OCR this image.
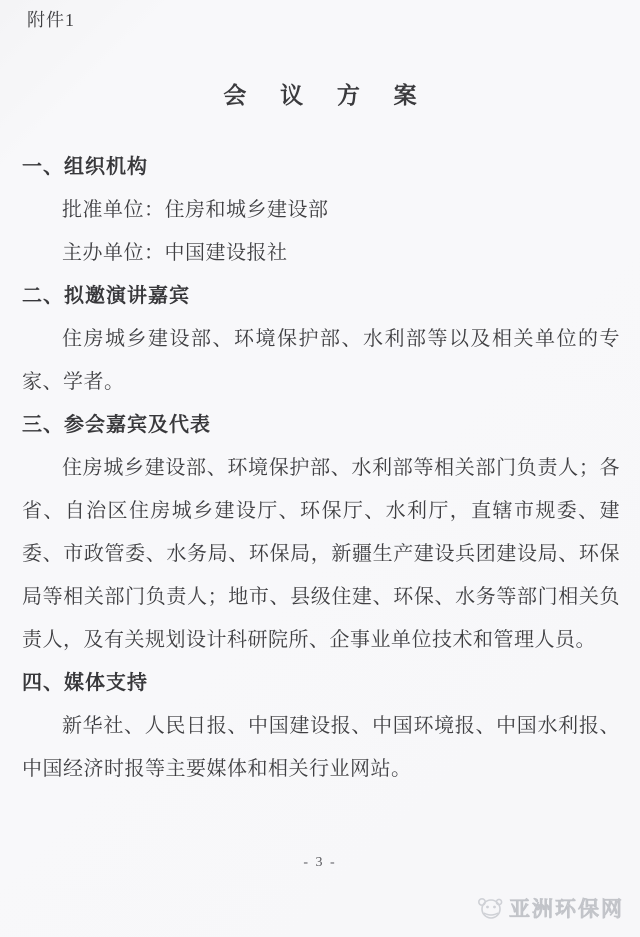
附件1
会 议 方 案
一、组织机构

批准单位：住房和城乡建设部

主办单位：中国建设报社

二、拟邀演讲嘉宾

住房城乡建设部、环境保护部、水利部等以及相关单位的专家、学者。

三、参会嘉宾及代表

住房城乡建设部、环境保护部、水利部等相关部门负责人；各省、自治区住房城乡建设厅、环保厅、水利厅，直辖市规委、建委、市政管委、水务局、环保局，新疆生产建设兵团建设局、环保局等相关部门负责人；地市、县级住建、环保、水务等部门相关负责人，及有关规划设计科研院所、企事业单位技术和管理人员。

四、媒体支持

新华社、人民日报、中国建设报、中国环境报、中国水利报、中国经济时报等主要媒体和相关行业网站。

- 3 -
亚洲环保网
